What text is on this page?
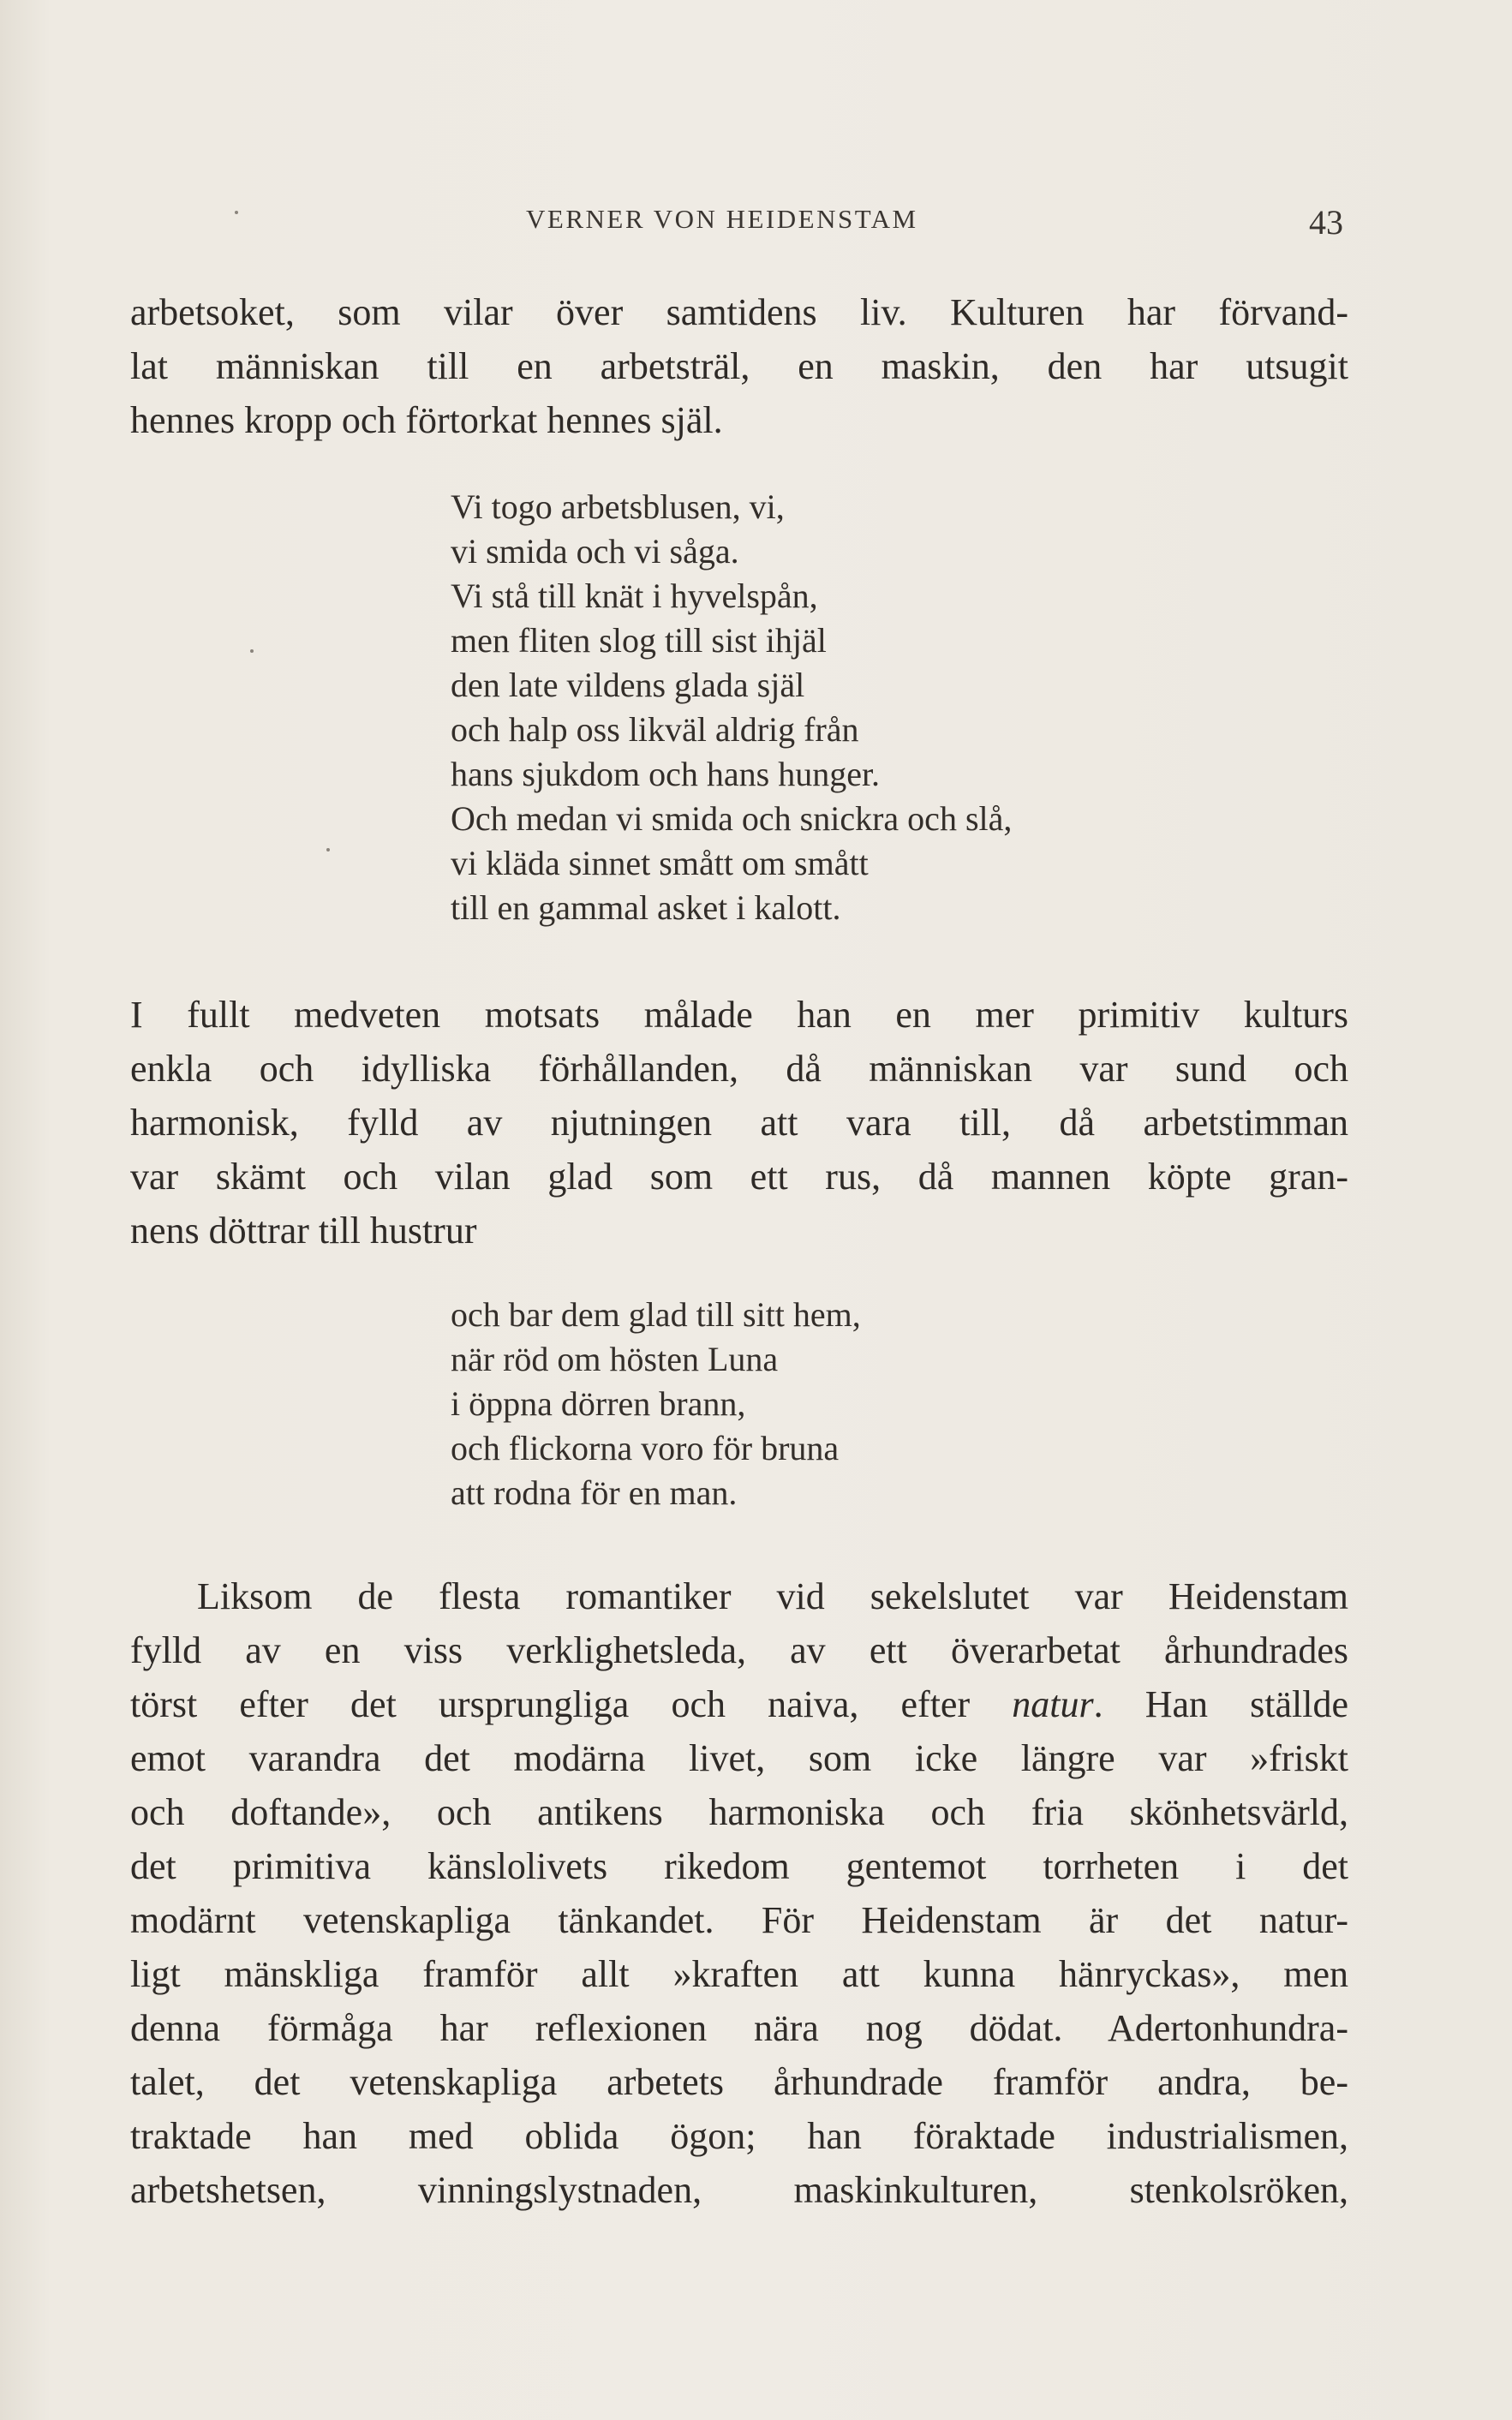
VERNER VON HEIDENSTAM	43
arbetsoket, som vilar över samtidens liv. Kulturen har förvand-
lat människan till en arbetsträl, en maskin, den har utsugit
hennes kropp och förtorkat hennes själ.
Vi togo arbetsblusen, vi,
vi smida och vi såga.
Vi stå till knät i hyvelspån,
men fliten slog till sist ihjäl
den late vildens glada själ
och halp oss likväl aldrig från
hans sjukdom och hans hunger.
Och medan vi smida och snickra och slå,
vi kläda sinnet smått om smått
till en gammal asket i kalott.
I fullt medveten motsats målade han en mer primitiv kulturs
enkla och idylliska förhållanden, då människan var sund och
harmonisk, fylld av njutningen att vara till, då arbetstimman
var skämt och vilan glad som ett rus, då mannen köpte gran-
nens döttrar till hustrur
och bar dem glad till sitt hem,
när röd om hösten Luna
i öppna dörren brann,
och flickorna voro för bruna
att rodna för en man.
Liksom de flesta romantiker vid sekelslutet var Heidenstam
fylld av en viss verklighetsleda, av ett överarbetat århundrades
törst efter det ursprungliga och naiva, efter natur. Han ställde
emot varandra det modärna livet, som icke längre var »friskt
och doftande», och antikens harmoniska och fria skönhetsvärld,
det primitiva känslolivets rikedom gentemot torrheten i det
modärnt vetenskapliga tänkandet. För Heidenstam är det natur-
ligt mänskliga framför allt »kraften att kunna hänryckas», men
denna förmåga har reflexionen nära nog dödat. Adertonhundra-
talet, det vetenskapliga arbetets århundrade framför andra, be-
traktade han med oblida ögon; han föraktade industrialismen,
arbetshetsen, vinningslystnaden, maskinkulturen, stenkolsröken,
